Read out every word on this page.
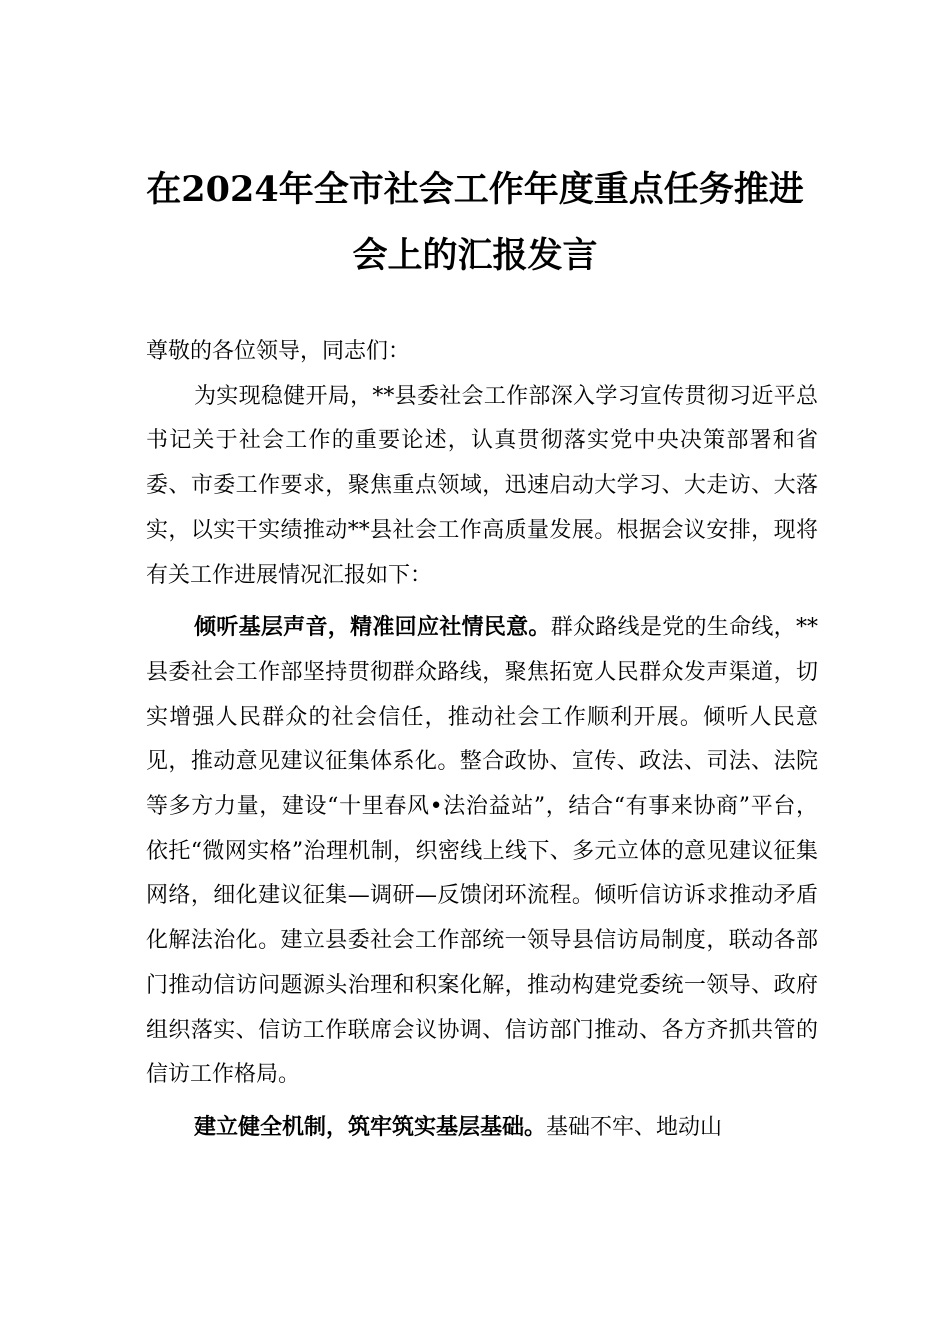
在2024年全市社会工作年度重点任务推进
会上的汇报发言

尊敬的各位领导，同志们：

为实现稳健开局，**县委社会工作部深入学习宣传贯彻习近平总书记关于社会工作的重要论述，认真贯彻落实党中央决策部署和省委、市委工作要求，聚焦重点领域，迅速启动大学习、大走访、大落实，以实干实绩推动**县社会工作高质量发展。根据会议安排，现将有关工作进展情况汇报如下：

倾听基层声音，精准回应社情民意。群众路线是党的生命线，**县委社会工作部坚持贯彻群众路线，聚焦拓宽人民群众发声渠道，切实增强人民群众的社会信任，推动社会工作顺利开展。倾听人民意见，推动意见建议征集体系化。整合政协、宣传、政法、司法、法院等多方力量，建设“十里春风•法治益站”，结合“有事来协商”平台，依托“微网实格”治理机制，织密线上线下、多元立体的意见建议征集网络，细化建议征集—调研—反馈闭环流程。倾听信访诉求推动矛盾化解法治化。建立县委社会工作部统一领导县信访局制度，联动各部门推动信访问题源头治理和积案化解，推动构建党委统一领导、政府组织落实、信访工作联席会议协调、信访部门推动、各方齐抓共管的信访工作格局。

建立健全机制，筑牢筑实基层基础。基础不牢、地动山
